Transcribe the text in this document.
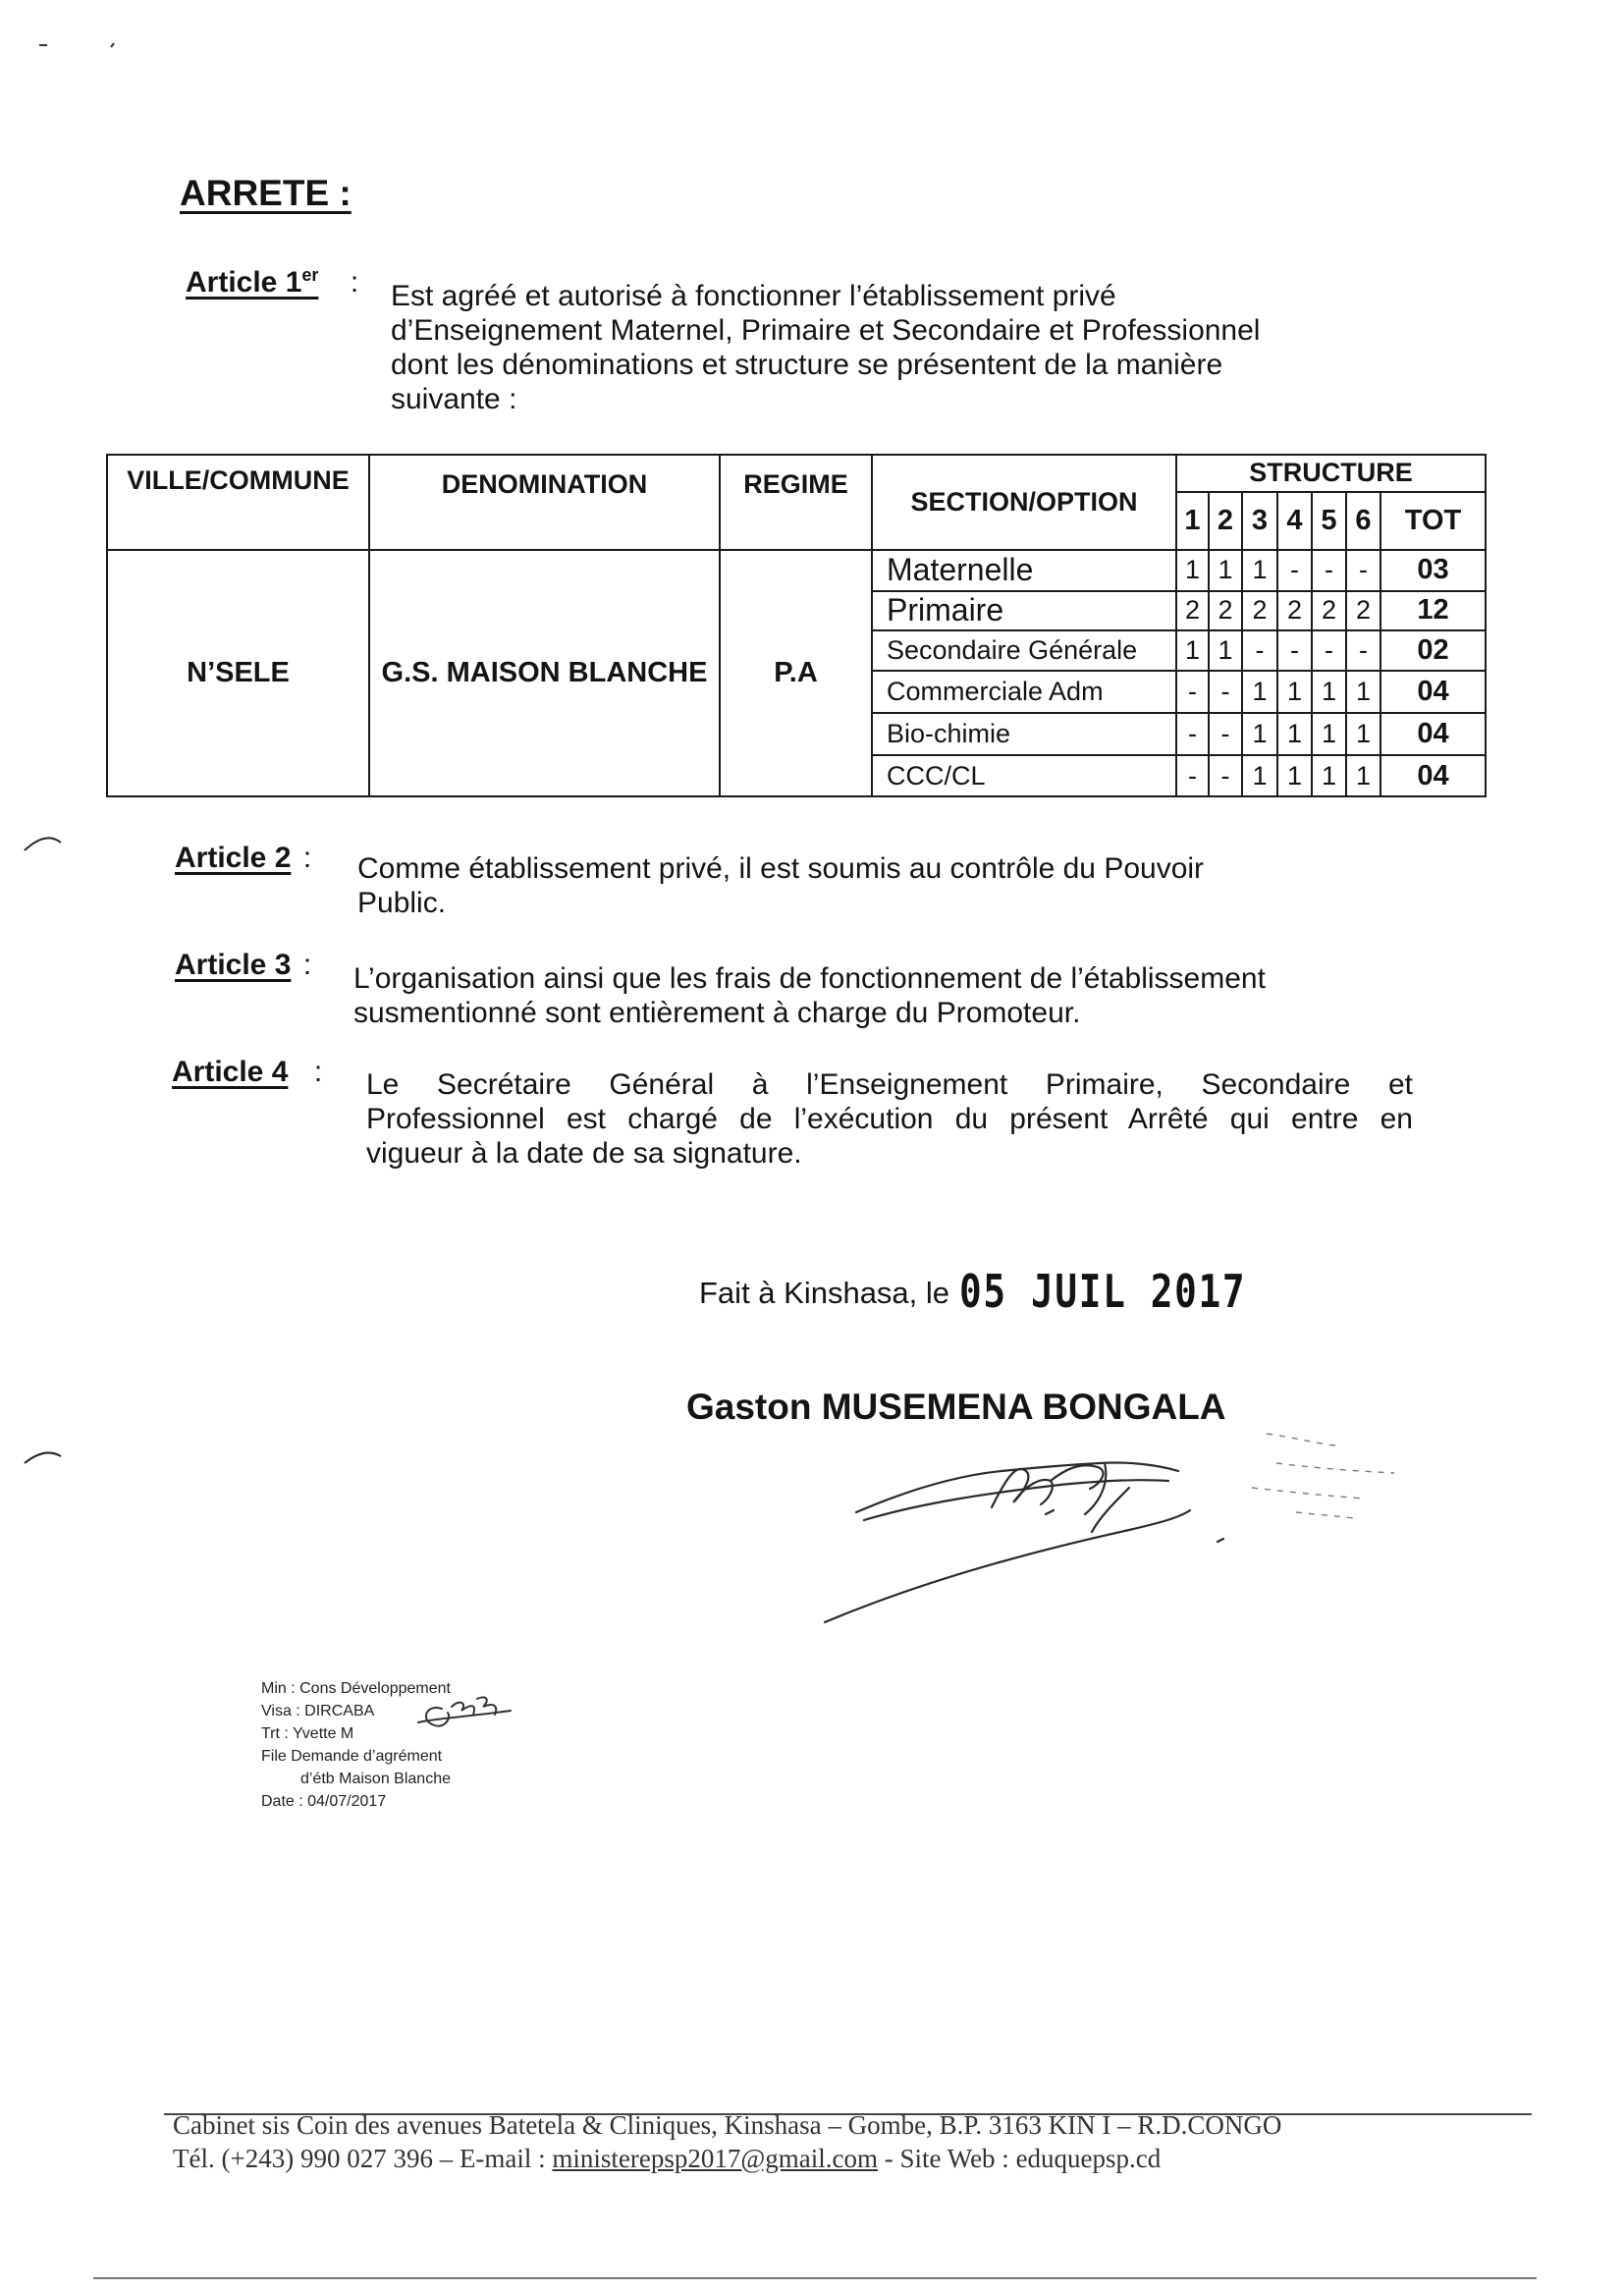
ARRETE :
Article 1er : Est agréé et autorisé à fonctionner l’établissement privé
d’Enseignement Maternel, Primaire et Secondaire et Professionnel
dont les dénominations et structure se présentent de la manière
suivante :
VILLE/COMMUNE	DENOMINATION	REGIME	SECTION/OPTION	STRUCTURE						
				1	2	3	4	5	6	TOT
N’SELE	G.S. MAISON BLANCHE	P.A	Maternelle	1	1	1	-	-	-	03
			Primaire	2	2	2	2	2	2	12
			Secondaire Générale	1	1	-	-	-	-	02
			Commerciale Adm	-	-	1	1	1	1	04
			Bio-chimie	-	-	1	1	1	1	04
			CCC/CL	-	-	1	1	1	1	04
Article 2 : Comme établissement privé, il est soumis au contrôle du Pouvoir
Public.
Article 3 : L’organisation ainsi que les frais de fonctionnement de l’établissement
susmentionné sont entièrement à charge du Promoteur.
Article 4 : Le Secrétaire Général à l’Enseignement Primaire, Secondaire et
Professionnel est chargé de l’exécution du présent Arrêté qui entre en
vigueur à la date de sa signature.
Fait à Kinshasa, le 05 JUIL 2017
Gaston MUSEMENA BONGALA
Min : Cons Développement
Visa : DIRCABA
Trt : Yvette M
File Demande d’agrément
d’étb Maison Blanche
Date : 04/07/2017
Cabinet sis Coin des avenues Batetela & Cliniques, Kinshasa – Gombe, B.P. 3163 KIN I – R.D.CONGO
Tél. (+243) 990 027 396 – E-mail : ministerepsp2017@gmail.com - Site Web : eduquepsp.cd
